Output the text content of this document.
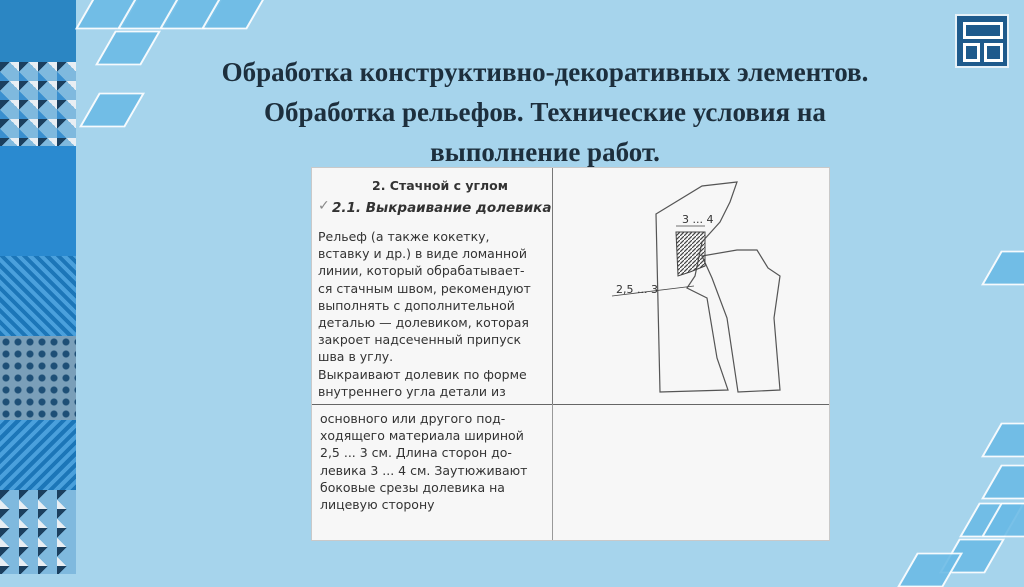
Обработка конструктивно-декоративных элементов.
Обработка рельефов. Технические условия на
выполнение работ.
2. Стачной с углом
✓ 2.1. Выкраивание долевика
Рельеф (а также кокетку,
вставку и др.) в виде ломанной
линии, который обрабатывает-
ся стачным швом, рекомендуют
выполнять с дополнительной
деталью — долевиком, которая
закроет надсеченный припуск
шва в углу.
Выкраивают долевик по форме
внутреннего угла детали из
основного или другого под-
ходящего материала шириной
2,5 ... 3 см. Длина сторон до-
левика 3 ... 4 см. Заутюживают
боковые срезы долевика на
лицевую сторону
3 ... 4
2,5 ... 3
